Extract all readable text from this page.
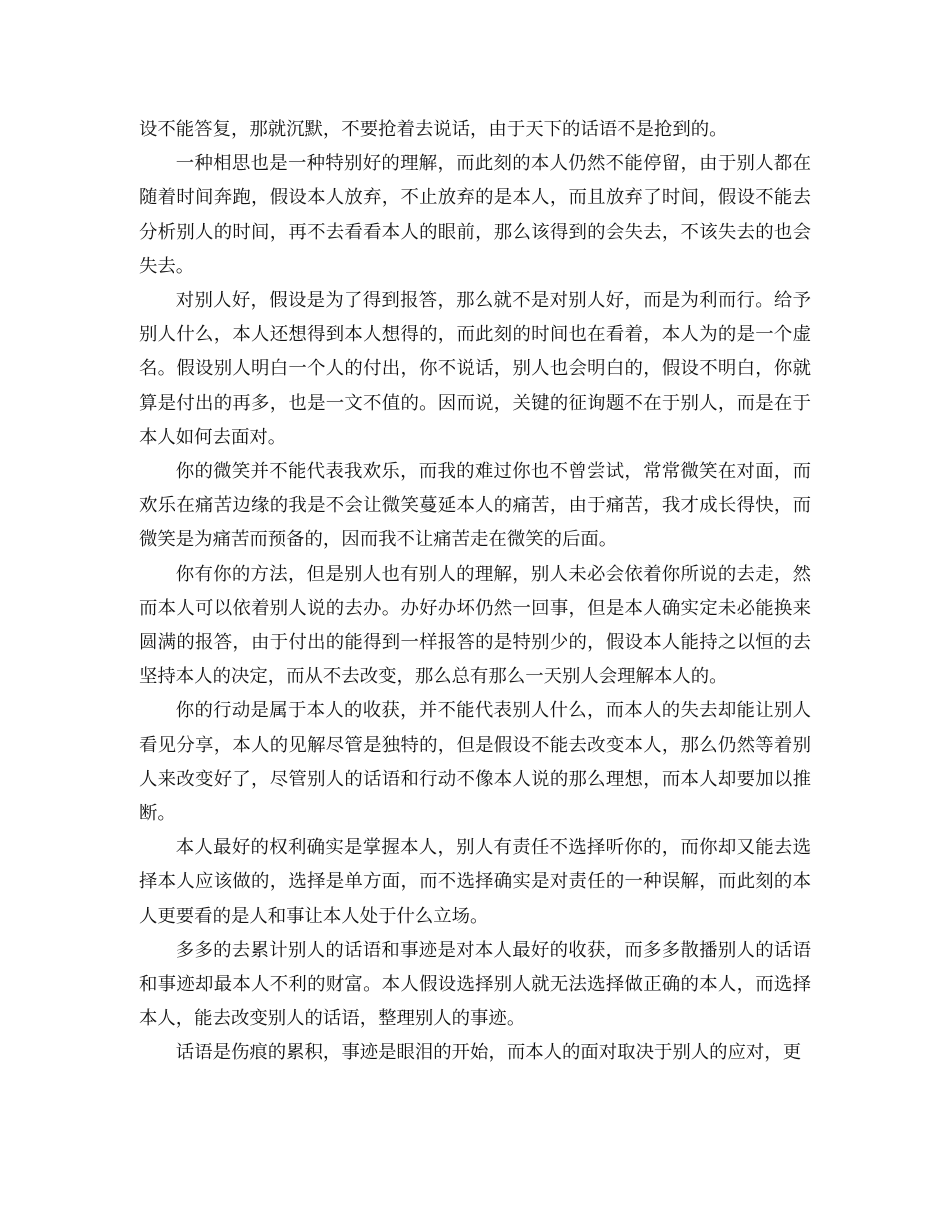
设不能答复，那就沉默，不要抢着去说话，由于天下的话语不是抢到的。

一种相思也是一种特别好的理解，而此刻的本人仍然不能停留，由于别人都在随着时间奔跑，假设本人放弃，不止放弃的是本人，而且放弃了时间，假设不能去分析别人的时间，再不去看看本人的眼前，那么该得到的会失去，不该失去的也会失去。

对别人好，假设是为了得到报答，那么就不是对别人好，而是为利而行。给予别人什么，本人还想得到本人想得的，而此刻的时间也在看着，本人为的是一个虚名。假设别人明白一个人的付出，你不说话，别人也会明白的，假设不明白，你就算是付出的再多，也是一文不值的。因而说，关键的征询题不在于别人，而是在于本人如何去面对。

你的微笑并不能代表我欢乐，而我的难过你也不曾尝试，常常微笑在对面，而欢乐在痛苦边缘的我是不会让微笑蔓延本人的痛苦，由于痛苦，我才成长得快，而微笑是为痛苦而预备的，因而我不让痛苦走在微笑的后面。

你有你的方法，但是别人也有别人的理解，别人未必会依着你所说的去走，然而本人可以依着别人说的去办。办好办坏仍然一回事，但是本人确实定未必能换来圆满的报答，由于付出的能得到一样报答的是特别少的，假设本人能持之以恒的去坚持本人的决定，而从不去改变，那么总有那么一天别人会理解本人的。

你的行动是属于本人的收获，并不能代表别人什么，而本人的失去却能让别人看见分享，本人的见解尽管是独特的，但是假设不能去改变本人，那么仍然等着别人来改变好了，尽管别人的话语和行动不像本人说的那么理想，而本人却要加以推断。

本人最好的权利确实是掌握本人，别人有责任不选择听你的，而你却又能去选择本人应该做的，选择是单方面，而不选择确实是对责任的一种误解，而此刻的本人更要看的是人和事让本人处于什么立场。

多多的去累计别人的话语和事迹是对本人最好的收获，而多多散播别人的话语和事迹却最本人不利的财富。本人假设选择别人就无法选择做正确的本人，而选择本人，能去改变别人的话语，整理别人的事迹。

话语是伤痕的累积，事迹是眼泪的开始，而本人的面对取决于别人的应对，更
